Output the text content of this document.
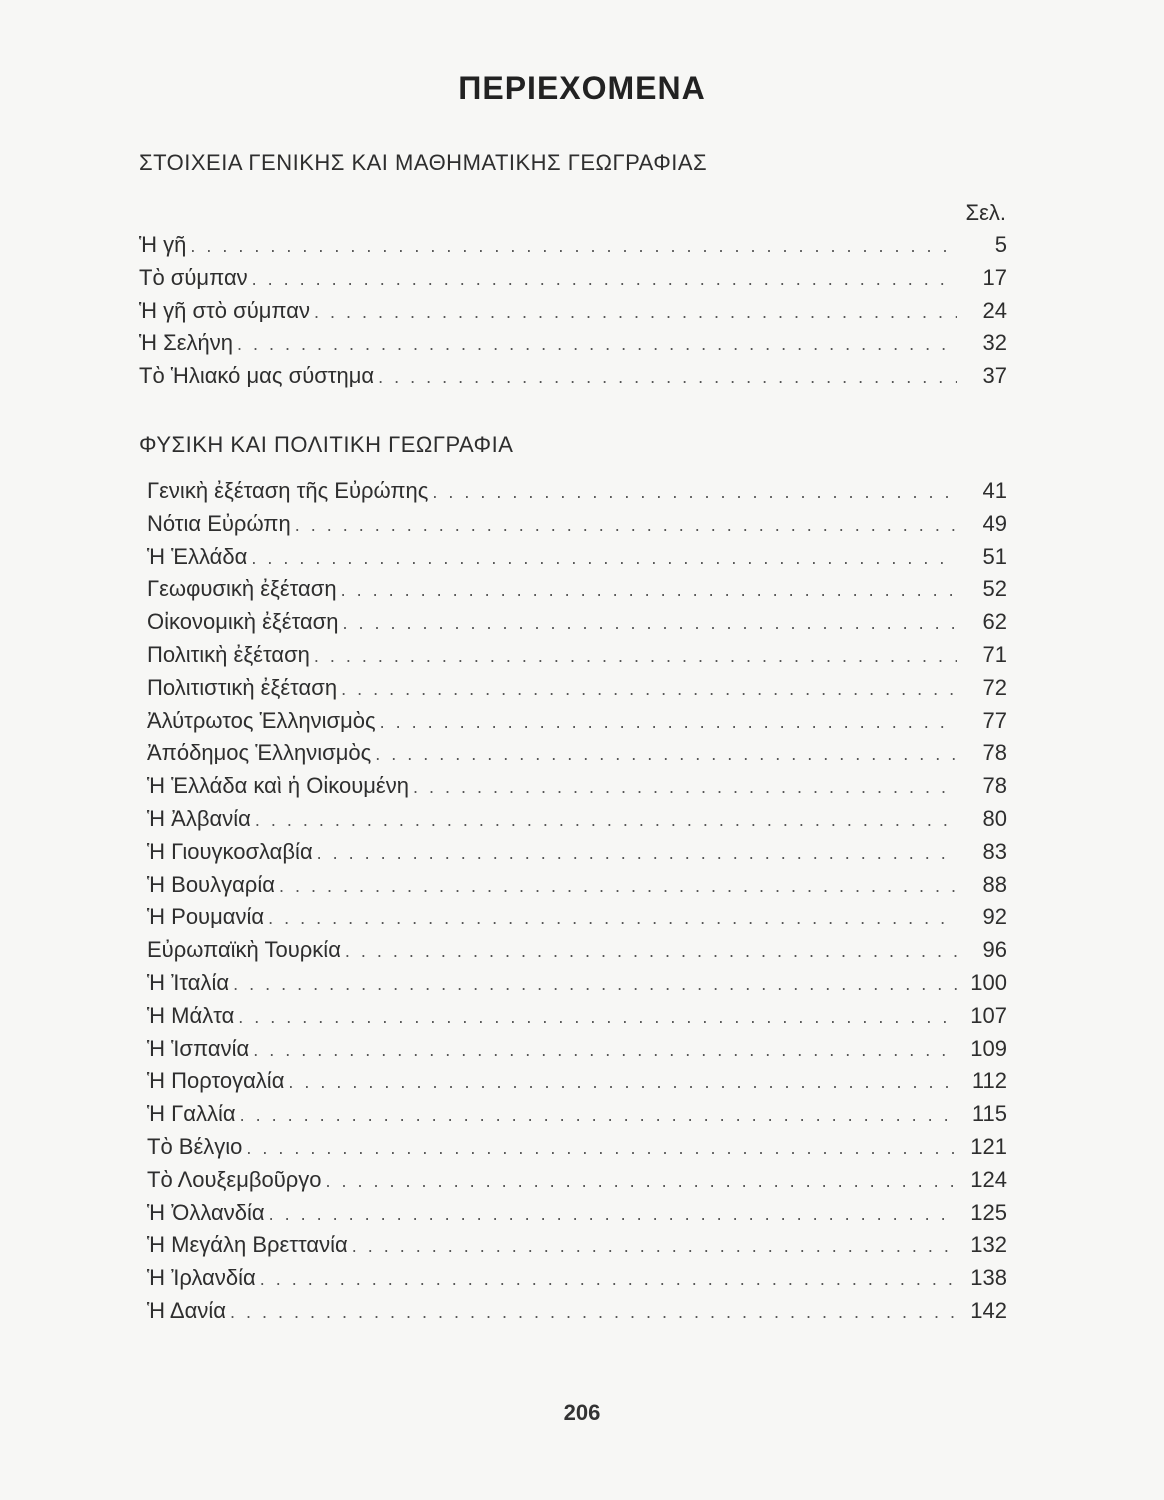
ΠΕΡΙΕΧΟΜΕΝΑ
ΣΤΟΙΧΕΙΑ ΓΕΝΙΚΗΣ ΚΑΙ ΜΑΘΗΜΑΤΙΚΗΣ ΓΕΩΓΡΑΦΙΑΣ
Σελ.
Ἡ γῆ . . .	5
Τὸ σύμπαν . . .	17
Ἡ γῆ στὸ σύμπαν . . .	24
Ἡ Σελήνη . . .	32
Τὸ Ἡλιακό μας σύστημα . . .	37
ΦΥΣΙΚΗ ΚΑΙ ΠΟΛΙΤΙΚΗ ΓΕΩΓΡΑΦΙΑ
Γενικὴ ἐξέταση τῆς Εὐρώπης . . .	41
Νότια Εὐρώπη . . .	49
Ἡ Ἑλλάδα . . .	51
Γεωφυσικὴ ἐξέταση . . .	52
Οἰκονομικὴ ἐξέταση . . .	62
Πολιτικὴ ἐξέταση . . .	71
Πολιτιστικὴ ἐξέταση . . .	72
Ἀλύτρωτος Ἑλληνισμὸς . . .	77
Ἀπόδημος Ἑλληνισμὸς . . .	78
Ἡ Ἑλλάδα καὶ ἡ Οἰκουμένη . . .	78
Ἡ Ἀλβανία . . .	80
Ἡ Γιουγκοσλαβία . . .	83
Ἡ Βουλγαρία . . .	88
Ἡ Ρουμανία . . .	92
Εὐρωπαϊκὴ Τουρκία . . .	96
Ἡ Ἰταλία . . .	100
Ἡ Μάλτα . . .	107
Ἡ Ἱσπανία . . .	109
Ἡ Πορτογαλία . . .	112
Ἡ Γαλλία . . .	115
Τὸ Βέλγιο . . .	121
Τὸ Λουξεμβοῦργο . . .	124
Ἡ Ὀλλανδία . . .	125
Ἡ Μεγάλη Βρεττανία . . .	132
Ἡ Ἰρλανδία . . .	138
Ἡ Δανία . . .	142
206
